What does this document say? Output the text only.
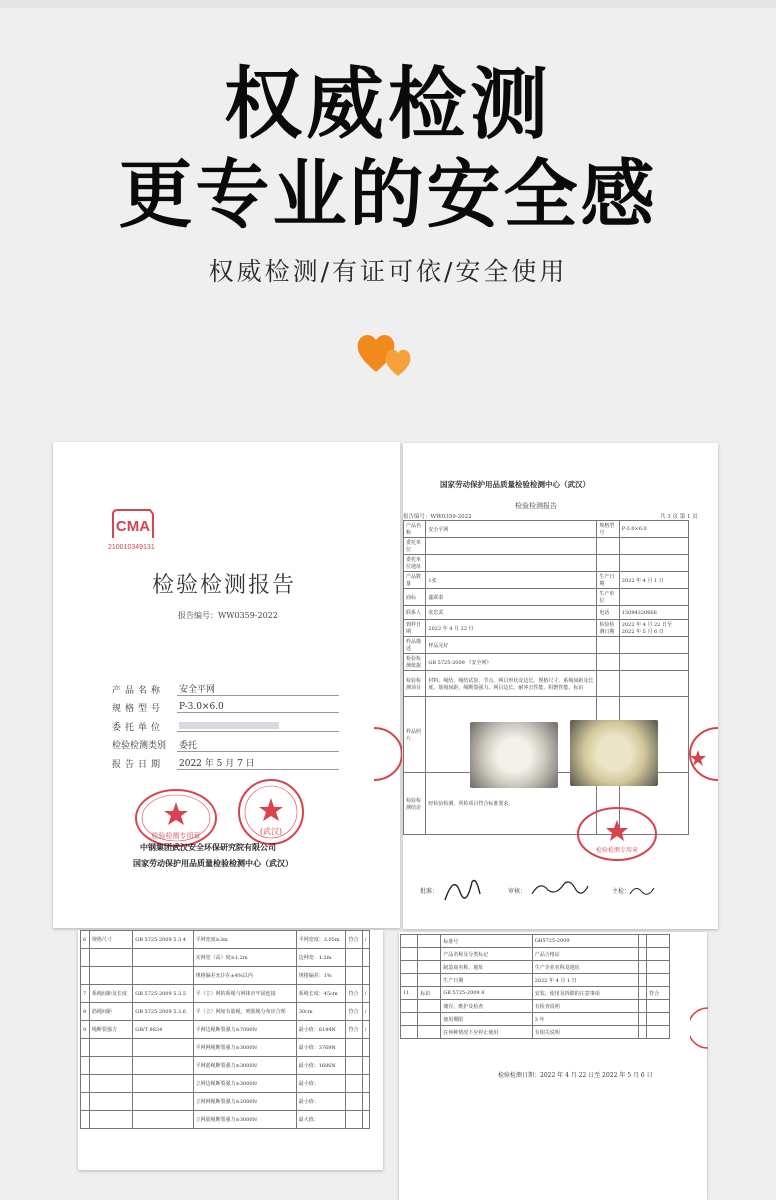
权威检测
更专业的安全感
权威检测/有证可依/安全使用
CMA
210010349131
检验检测报告
报告编号：WW0359-2022
产品名称	安全平网
规格型号	P-3.0×6.0
委托单位
检验检测类别	委托
报告日期	2022 年 5 月 7 日
检验检测专用章	(武汉)
中钢集团武汉安全环保研究院有限公司
国家劳动保护用品质量检验检测中心（武汉）
6	规格尺寸	GB 5725-2009 5.3.4	平网宽度≥3m	平网宽度：3.05m	符合	/
			实网宽（高）度≥1.2m	边网宽：1.2m		
			规格偏差允许在±4%以内	规格偏差：1%		
7	系绳间距及长度	GB 5725-2009 5.3.5	平（立）网的系绳与网体应牢固连接	系绳长度：45cm	符合	/
8	筋绳间距	GB 5725-2009 5.3.6	平（立）网如有筋绳，则筋绳分布应合理	30cm	符合	/
9	绳断裂强力	GB/T 8834	平网边绳断裂强力≥7000N	最小值：8144N	符合	/
			平网网绳断裂强力≥3000N	最小值：3769N		
			平网筋绳断裂强力≥3000N	最小值：1686N		
			立网边绳断裂强力≥3000N	最小值：		
			立网网绳断裂强力≥2000N	最小值：		
			立网筋绳断裂强力≥3000N	最大值：		
国家劳动保护用品质量检验检测中心（武汉）
检验检测报告
报告编号：WW0359-2022	共 3 页 第 1 页
产品名称	安全平网	规格型号	P-3.0×6.0
委托单位			
委托单位地址			
产品数量	1张	生产日期	2022 年 4 月 1 日
商标	鑫联泰	生产单位	
联系人	张忠武	电话	15094320666
到样日期	2022 年 4 月 22 日	检验检测日期	2022 年 4 月 22 日至 2022 年 5 月 6 日
样品描述	样品完好		
检验检测依据	GB 5725-2009 《安全网》		
检验检测项目	材料、绳结、绳结试验、节点、网目形状及边长、规格尺寸、系绳间距及长度、筋绳间距、绳断裂强力、网目边长、耐冲击性能、阻燃性能、标识		
样品照片			
检验检测结论	经检验检测，所检项目符合标准要求。		
检验检测专用章
批准：	审核：	主检：
		标准号	GB5725-2009		
		产品名称及分类标记	产品合格证		
		制造商名称、地址	生产企业名称及地址		
		生产日期	2022 年 4 月 1 日		
11	标识	GB 5725-2009 8	安装、使用及拆除的注意事项		符合
		储存、维护及检查	有检查说明		
		使用期限	3 年		
		在何种情况下应停止使用	有相关说明		
检验检测日期：2022 年 4 月 22 日至 2022 年 5 月 6 日
